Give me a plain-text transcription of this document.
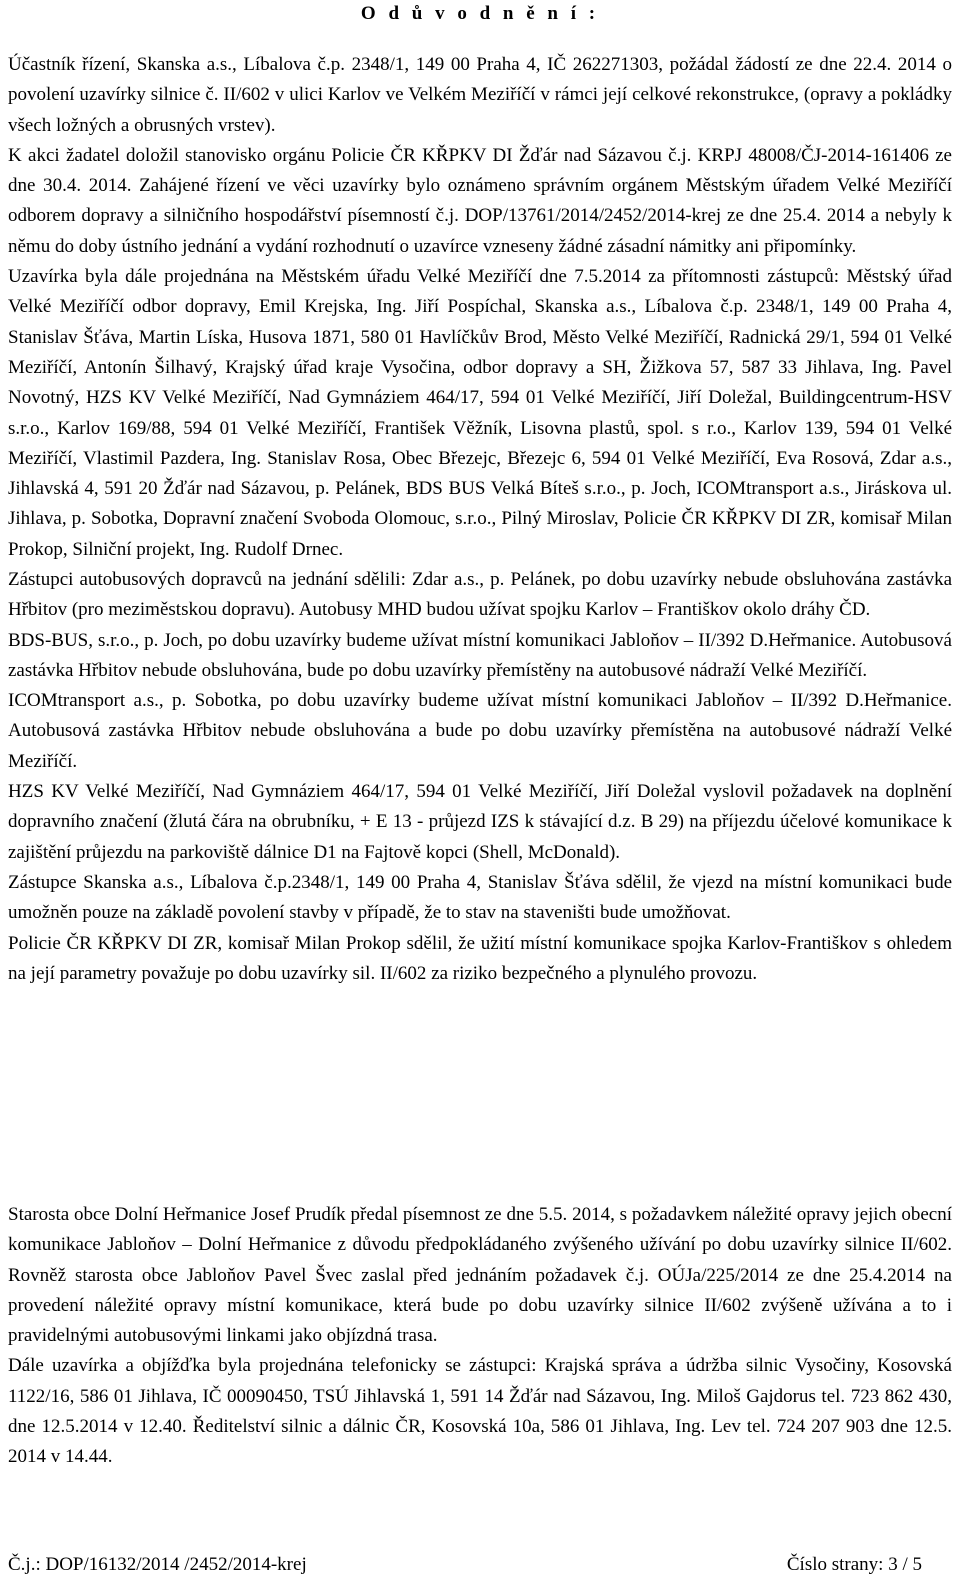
O d ů v o d n ě n í :

Účastník řízení, Skanska a.s., Líbalova č.p. 2348/1, 149 00 Praha 4, IČ 262271303, požádal žádostí ze dne 22.4. 2014 o povolení uzavírky silnice č. II/602 v ulici Karlov ve Velkém Meziříčí v rámci její celkové rekonstrukce, (opravy a pokládky všech ložných a obrusných vrstev).

K akci žadatel doložil stanovisko orgánu Policie ČR KŘPKV DI Žďár nad Sázavou č.j. KRPJ 48008/ČJ-2014-161406 ze dne 30.4. 2014. Zahájené řízení ve věci uzavírky bylo oznámeno správním orgánem Městským úřadem Velké Meziříčí odborem dopravy a silničního hospodářství písemností č.j. DOP/13761/2014/2452/2014-krej ze dne 25.4. 2014 a nebyly k němu do doby ústního jednání a vydání rozhodnutí o uzavírce vzneseny žádné zásadní námitky ani připomínky.

Uzavírka byla dále projednána na Městském úřadu Velké Meziříčí dne 7.5.2014 za přítomnosti zástupců: Městský úřad Velké Meziříčí odbor dopravy, Emil Krejska, Ing. Jiří Pospíchal, Skanska a.s., Líbalova č.p. 2348/1, 149 00 Praha 4, Stanislav Šťáva, Martin Líska, Husova 1871, 580 01 Havlíčkův Brod, Město Velké Meziříčí, Radnická 29/1, 594 01 Velké Meziříčí, Antonín Šilhavý, Krajský úřad kraje Vysočina, odbor dopravy a SH, Žižkova 57, 587 33 Jihlava, Ing. Pavel Novotný, HZS KV Velké Meziříčí, Nad Gymnáziem 464/17, 594 01 Velké Meziříčí, Jiří Doležal, Buildingcentrum-HSV s.r.o., Karlov 169/88, 594 01 Velké Meziříčí, František Věžník, Lisovna plastů, spol. s r.o., Karlov 139, 594 01 Velké Meziříčí, Vlastimil Pazdera, Ing. Stanislav Rosa, Obec Březejc, Březejc 6, 594 01 Velké Meziříčí, Eva Rosová, Zdar a.s., Jihlavská 4, 591 20 Žďár nad Sázavou, p. Pelánek, BDS BUS Velká Bíteš s.r.o., p. Joch, ICOMtransport a.s., Jiráskova ul. Jihlava, p. Sobotka, Dopravní značení Svoboda Olomouc, s.r.o., Pilný Miroslav, Policie ČR KŘPKV DI ZR, komisař Milan Prokop, Silniční projekt, Ing. Rudolf Drnec.

Zástupci autobusových dopravců na jednání sdělili: Zdar a.s., p. Pelánek, po dobu uzavírky nebude obsluhována zastávka Hřbitov (pro meziměstskou dopravu). Autobusy MHD budou užívat spojku Karlov – Františkov okolo dráhy ČD.

BDS-BUS, s.r.o., p. Joch, po dobu uzavírky budeme užívat místní komunikaci Jabloňov – II/392 D.Heřmanice. Autobusová zastávka Hřbitov nebude obsluhována, bude po dobu uzavírky přemístěny na autobusové nádraží Velké Meziříčí.

ICOMtransport a.s., p. Sobotka, po dobu uzavírky budeme užívat místní komunikaci Jabloňov – II/392 D.Heřmanice. Autobusová zastávka Hřbitov nebude obsluhována a bude po dobu uzavírky přemístěna na autobusové nádraží Velké Meziříčí.

HZS KV Velké Meziříčí, Nad Gymnáziem 464/17, 594 01 Velké Meziříčí, Jiří Doležal vyslovil požadavek na doplnění dopravního značení (žlutá čára na obrubníku, + E 13 - průjezd IZS k stávající d.z. B 29) na příjezdu účelové komunikace k zajištění průjezdu na parkoviště dálnice D1 na Fajtově kopci (Shell, McDonald).

Zástupce Skanska a.s., Líbalova č.p.2348/1, 149 00 Praha 4, Stanislav Šťáva sdělil, že vjezd na místní komunikaci bude umožněn pouze na základě povolení stavby v případě, že to stav na staveništi bude umožňovat.

Policie ČR KŘPKV DI ZR, komisař Milan Prokop sdělil, že užití místní komunikace spojka Karlov-Františkov s ohledem na její parametry považuje po dobu uzavírky sil. II/602 za riziko bezpečného a plynulého provozu.

Starosta obce Dolní Heřmanice Josef Prudík předal písemnost ze dne 5.5. 2014, s požadavkem náležité opravy jejich obecní komunikace Jabloňov – Dolní Heřmanice z důvodu předpokládaného zvýšeného užívání po dobu uzavírky silnice II/602. Rovněž starosta obce Jabloňov Pavel Švec zaslal před jednáním požadavek č.j. OÚJa/225/2014 ze dne 25.4.2014 na provedení náležité opravy místní komunikace, která bude po dobu uzavírky silnice II/602 zvýšeně užívána a to i pravidelnými autobusovými linkami jako objízdná trasa.

Dále uzavírka a objížďka byla projednána telefonicky se zástupci: Krajská správa a údržba silnic Vysočiny, Kosovská 1122/16, 586 01 Jihlava, IČ 00090450, TSÚ Jihlavská 1, 591 14 Žďár nad Sázavou, Ing. Miloš Gajdorus tel. 723 862 430, dne 12.5.2014 v 12.40. Ředitelství silnic a dálnic ČR, Kosovská 10a, 586 01 Jihlava, Ing. Lev tel. 724 207 903 dne 12.5. 2014 v 14.44.

Č.j.: DOP/16132/2014 /2452/2014-krej	Číslo strany: 3 / 5
